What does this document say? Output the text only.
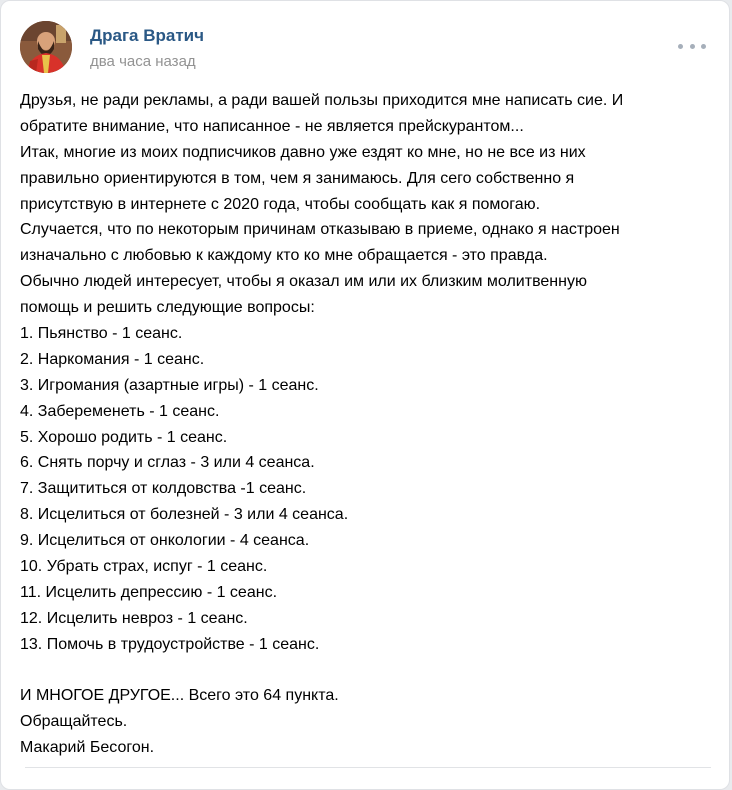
Драга Вратич
два часа назад
Друзья, не ради рекламы, а ради вашей пользы приходится мне написать сие. И
обратите внимание, что написанное - не является прейскурантом...
Итак, многие из моих подписчиков давно уже ездят ко мне, но не все из них
правильно ориентируются в том, чем я занимаюсь. Для сего собственно я
присутствую в интернете с 2020 года, чтобы сообщать как я помогаю.
Случается, что по некоторым причинам отказываю в приеме, однако я настроен
изначально с любовью к каждому кто ко мне обращается - это правда.
Обычно людей интересует, чтобы я оказал им или их близким молитвенную
помощь и решить следующие вопросы:
1. Пьянство - 1 сеанс.
2. Наркомания - 1 сеанс.
3. Игромания (азартные игры) - 1 сеанс.
4. Забеременеть - 1 сеанс.
5. Хорошо родить - 1 сеанс.
6. Снять порчу и сглаз - 3 или 4 сеанса.
7. Защититься от колдовства -1 сеанс.
8. Исцелиться от болезней - 3 или 4 сеанса.
9. Исцелиться от онкологии - 4 сеанса.
10. Убрать страх, испуг - 1 сеанс.
11. Исцелить депрессию - 1 сеанс.
12. Исцелить невроз - 1 сеанс.
13. Помочь в трудоустройстве - 1 сеанс.
И МНОГОЕ ДРУГОЕ... Всего это 64 пункта.
Обращайтесь.
Макарий Бесогон.
